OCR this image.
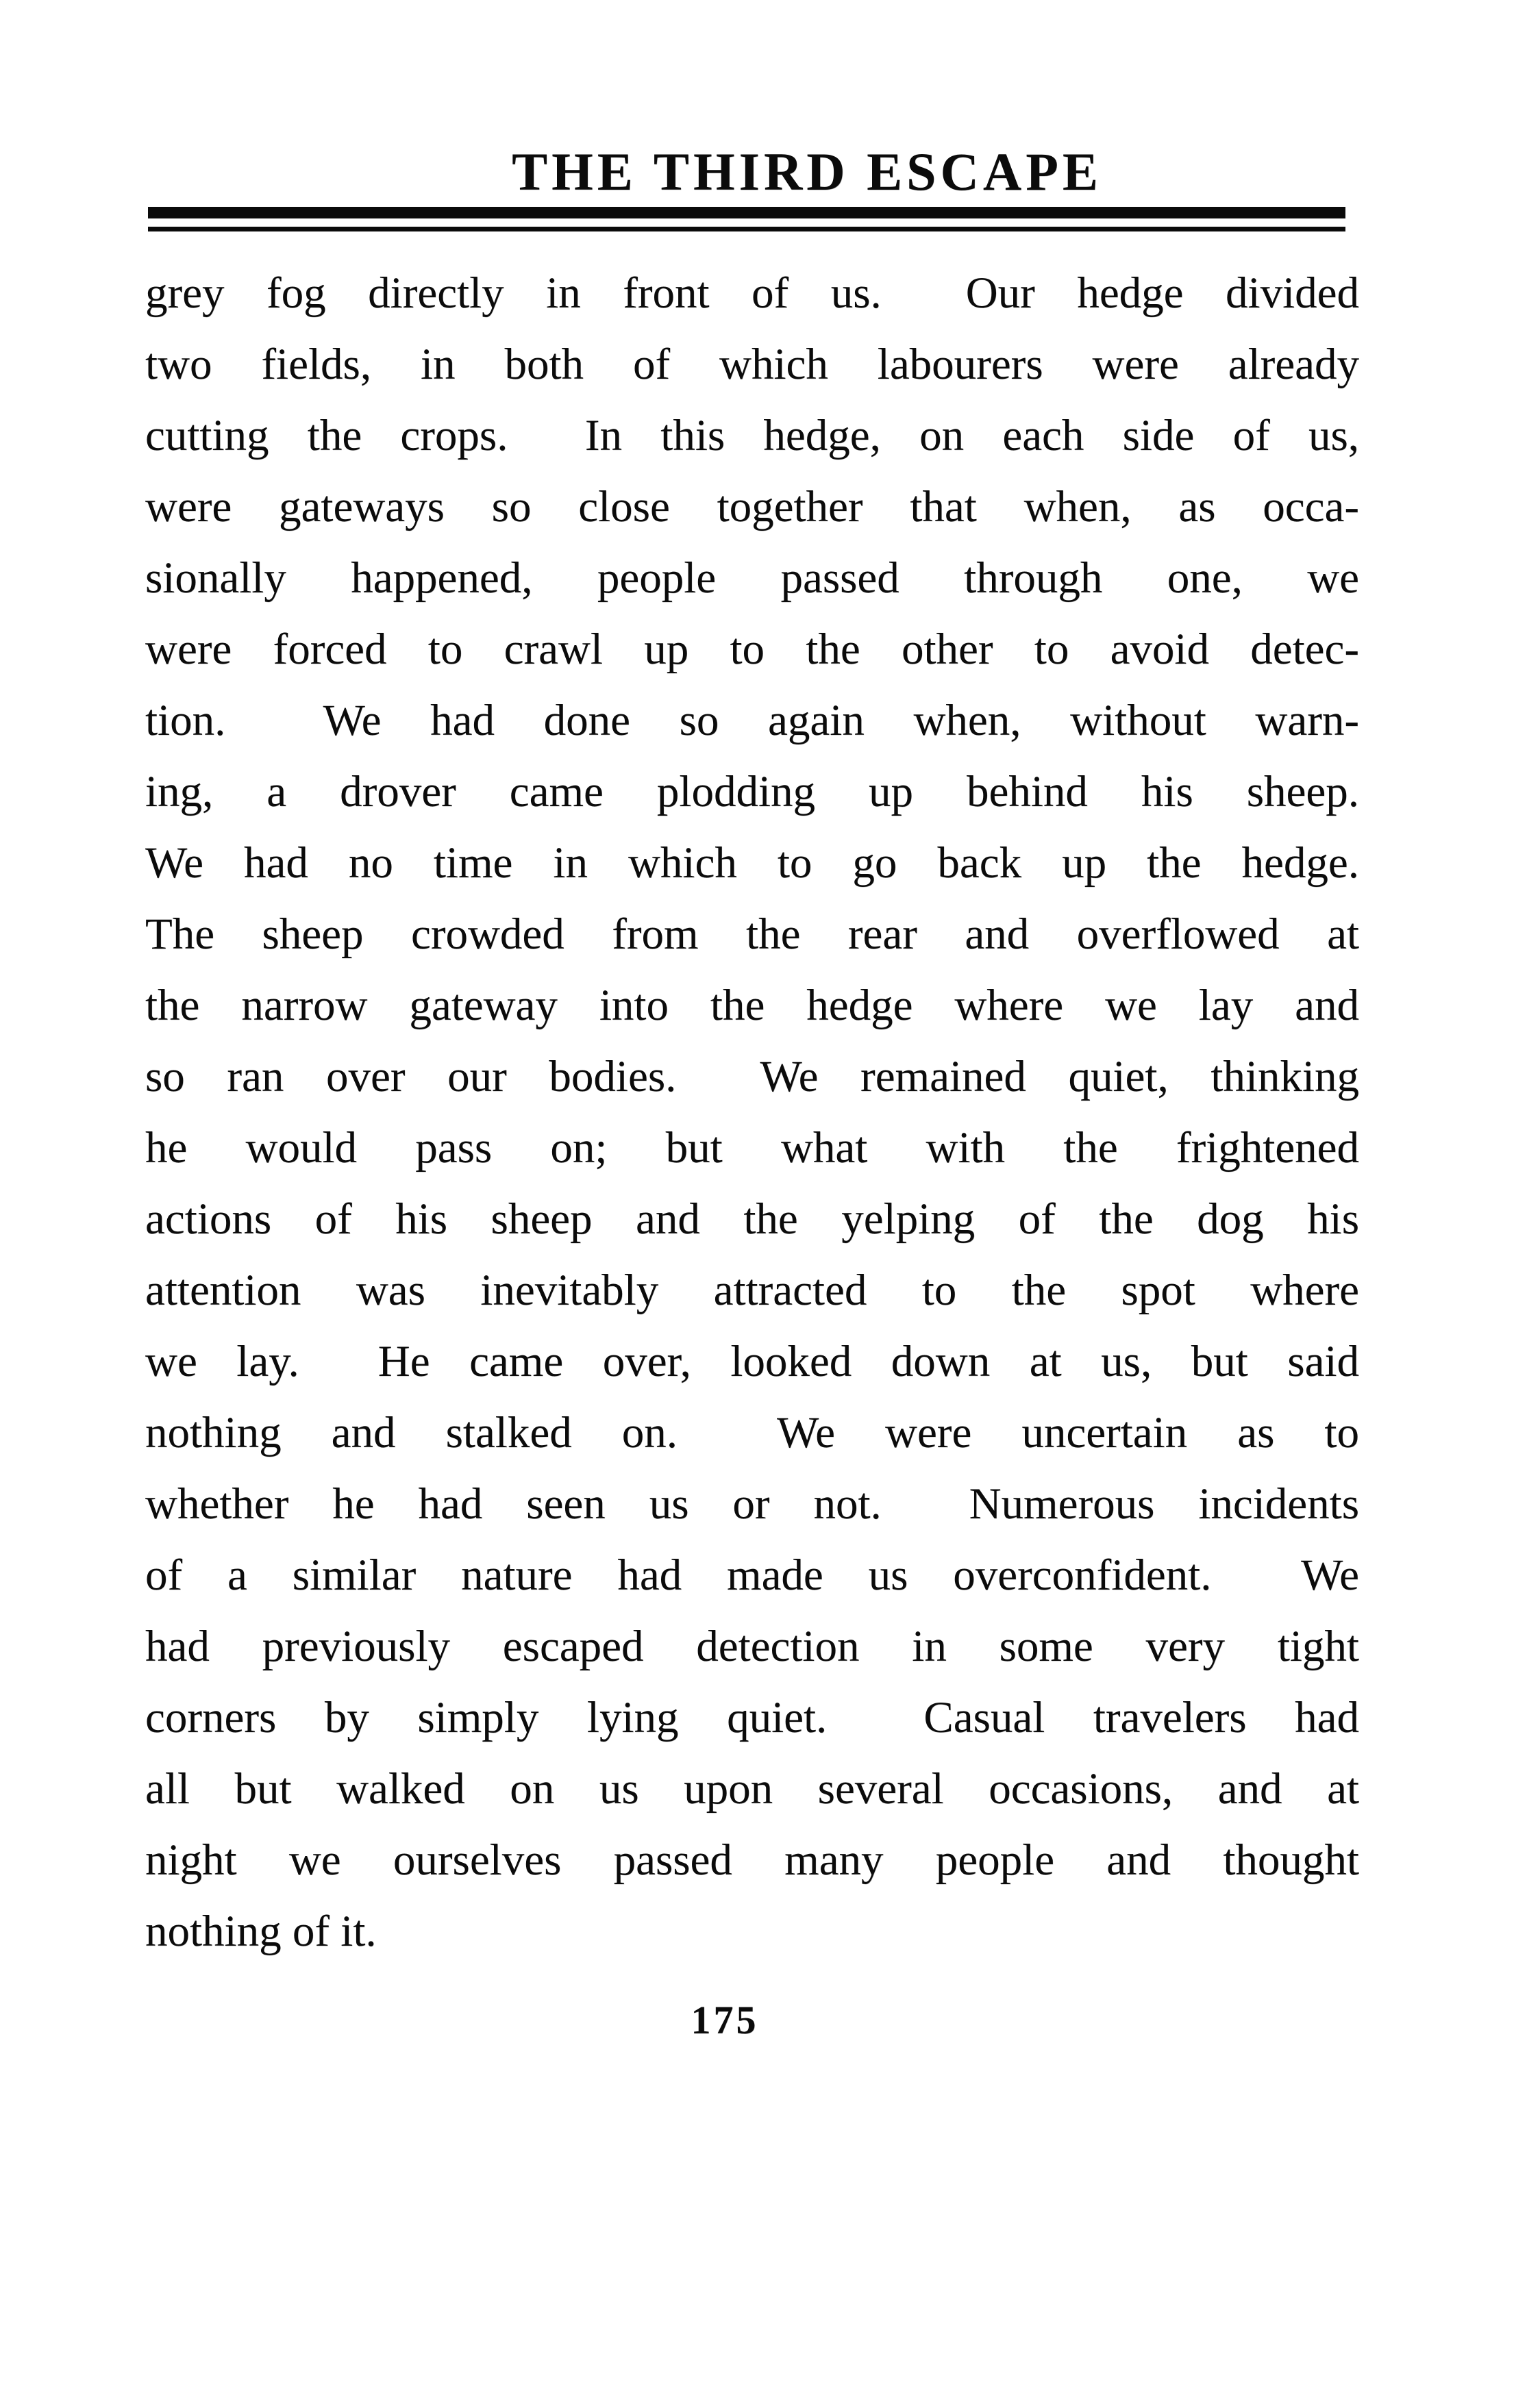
THE THIRD ESCAPE
grey fog directly in front of us.  Our hedge divided
two fields, in both of which labourers were already
cutting the crops.  In this hedge, on each side of us,
were gateways so close together that when, as occa-
sionally happened, people passed through one, we
were forced to crawl up to the other to avoid detec-
tion.  We had done so again when, without warn-
ing, a drover came plodding up behind his sheep.
We had no time in which to go back up the hedge.
The sheep crowded from the rear and overflowed at
the narrow gateway into the hedge where we lay and
so ran over our bodies.  We remained quiet, thinking
he would pass on; but what with the frightened
actions of his sheep and the yelping of the dog his
attention was inevitably attracted to the spot where
we lay.  He came over, looked down at us, but said
nothing and stalked on.  We were uncertain as to
whether he had seen us or not.  Numerous incidents
of a similar nature had made us overconfident.  We
had previously escaped detection in some very tight
corners by simply lying quiet.  Casual travelers had
all but walked on us upon several occasions, and at
night we ourselves passed many people and thought
nothing of it.
175
